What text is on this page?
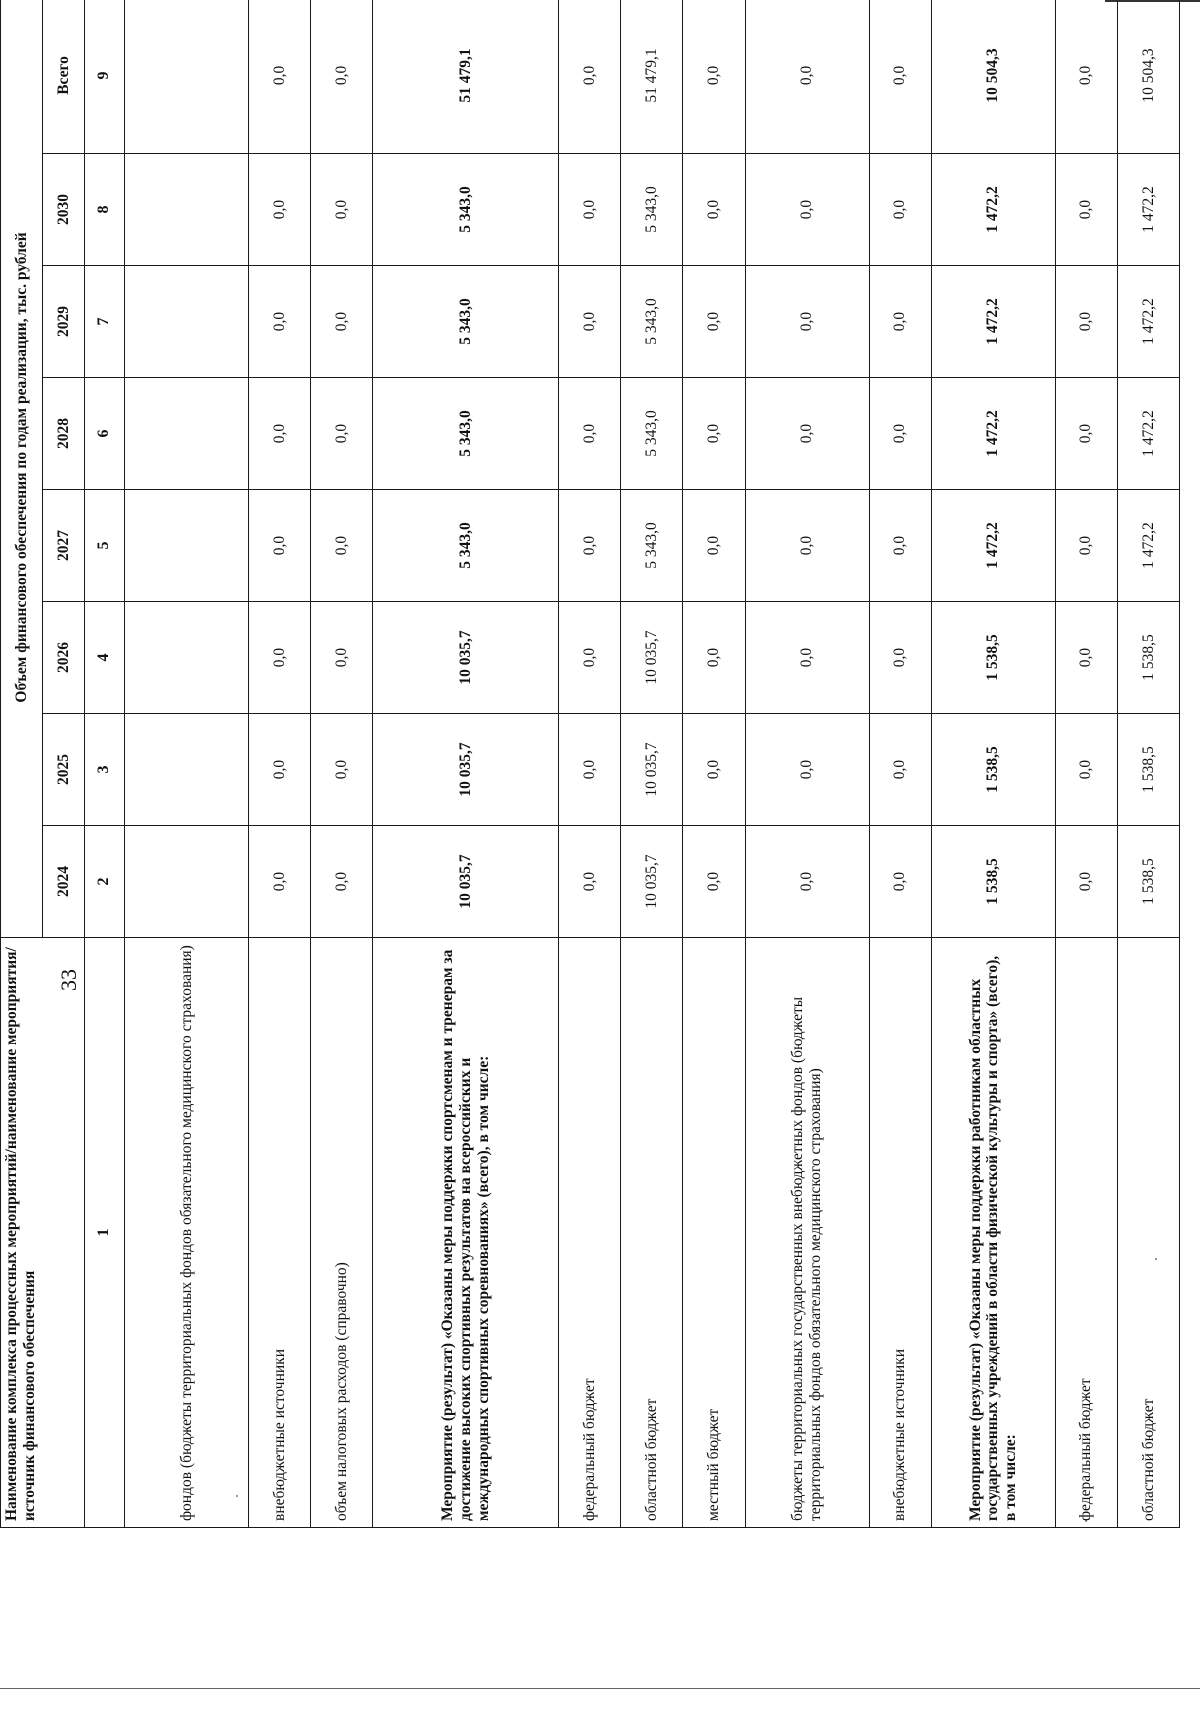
33
Наименование комплекса процессных мероприятий/наименование мероприятия/источник финансового обеспечения	Объем финансового обеспечения по годам реализации, тыс. рублей							
	2024	2025	2026	2027	2028	2029	2030	Всего
1	2	3	4	5	6	7	8	9
фондов (бюджеты территориальных фондов обязательного медицинского страхования)								
внебюджетные источники	0,0	0,0	0,0	0,0	0,0	0,0	0,0	0,0
объем налоговых расходов (справочно)	0,0	0,0	0,0	0,0	0,0	0,0	0,0	0,0
Мероприятие (результат) «Оказаны меры поддержки спортсменам и тренерам за достижение высоких спортивных результатов на всероссийских и международных спортивных соревнованиях» (всего), в том числе:	10 035,7	10 035,7	10 035,7	5 343,0	5 343,0	5 343,0	5 343,0	51 479,1
федеральный бюджет	0,0	0,0	0,0	0,0	0,0	0,0	0,0	0,0
областной бюджет	10 035,7	10 035,7	10 035,7	5 343,0	5 343,0	5 343,0	5 343,0	51 479,1
местный бюджет	0,0	0,0	0,0	0,0	0,0	0,0	0,0	0,0
бюджеты территориальных государственных внебюджетных фондов (бюджеты территориальных фондов обязательного медицинского страхования)	0,0	0,0	0,0	0,0	0,0	0,0	0,0	0,0
внебюджетные источники	0,0	0,0	0,0	0,0	0,0	0,0	0,0	0,0
Мероприятие (результат) «Оказаны меры поддержки работникам областных государственных учреждений в области физической культуры и спорта» (всего), в том числе:	1 538,5	1 538,5	1 538,5	1 472,2	1 472,2	1 472,2	1 472,2	10 504,3
федеральный бюджет	0,0	0,0	0,0	0,0	0,0	0,0	0,0	0,0
областной бюджет	1 538,5	1 538,5	1 538,5	1 472,2	1 472,2	1 472,2	1 472,2	10 504,3
